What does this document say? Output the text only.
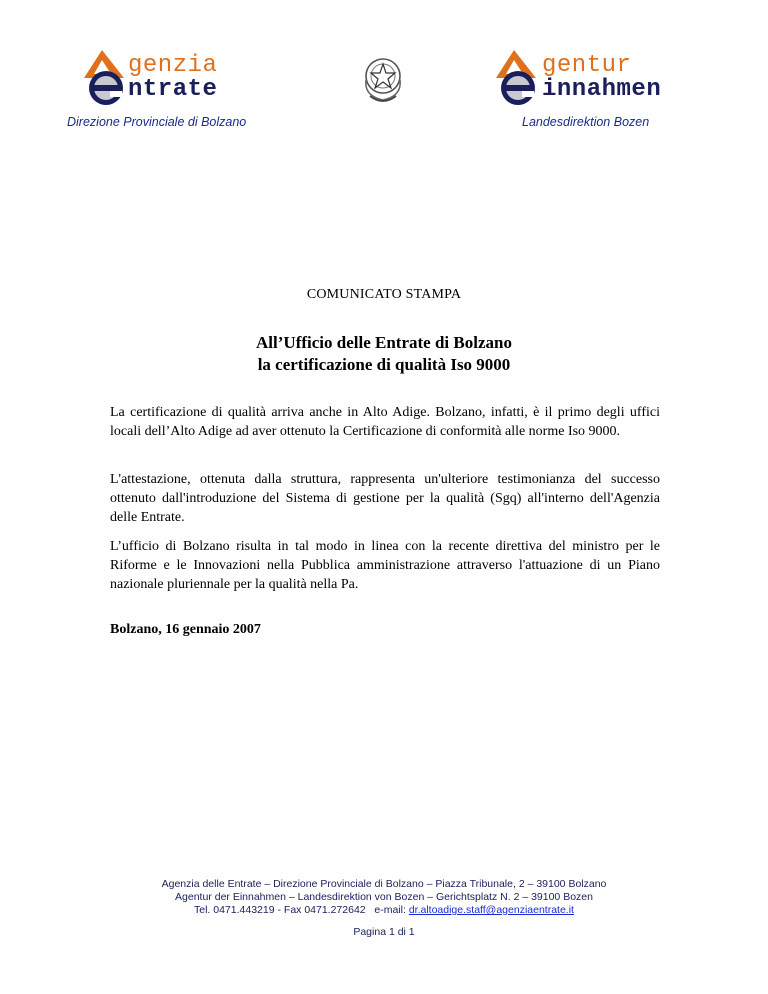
genzia
ntrate
Direzione Provinciale di Bolzano
gentur
innahmen
Landesdirektion Bozen
COMUNICATO STAMPA
All’Ufficio delle Entrate di Bolzano
la certificazione di qualità Iso 9000
La certificazione di qualità arriva anche in Alto Adige. Bolzano, infatti, è il primo degli uffici locali dell’Alto Adige ad aver ottenuto la Certificazione di conformità alle norme Iso 9000.
L'attestazione, ottenuta dalla struttura, rappresenta un'ulteriore testimonianza del successo ottenuto dall'introduzione del Sistema di gestione per la qualità (Sgq) all'interno dell'Agenzia delle Entrate.
L’ufficio di Bolzano risulta in tal modo in linea con la recente direttiva del ministro per le Riforme e le Innovazioni nella Pubblica amministrazione attraverso l'attuazione di un Piano nazionale pluriennale per la qualità nella Pa.
Bolzano, 16 gennaio 2007
Agenzia delle Entrate – Direzione Provinciale di Bolzano – Piazza Tribunale, 2 – 39100 Bolzano
Agentur der Einnahmen – Landesdirektion von Bozen – Gerichtsplatz N. 2 – 39100 Bozen
Tel. 0471.443219 - Fax 0471.272642   e-mail: dr.altoadige.staff@agenziaentrate.it
Pagina 1 di 1
